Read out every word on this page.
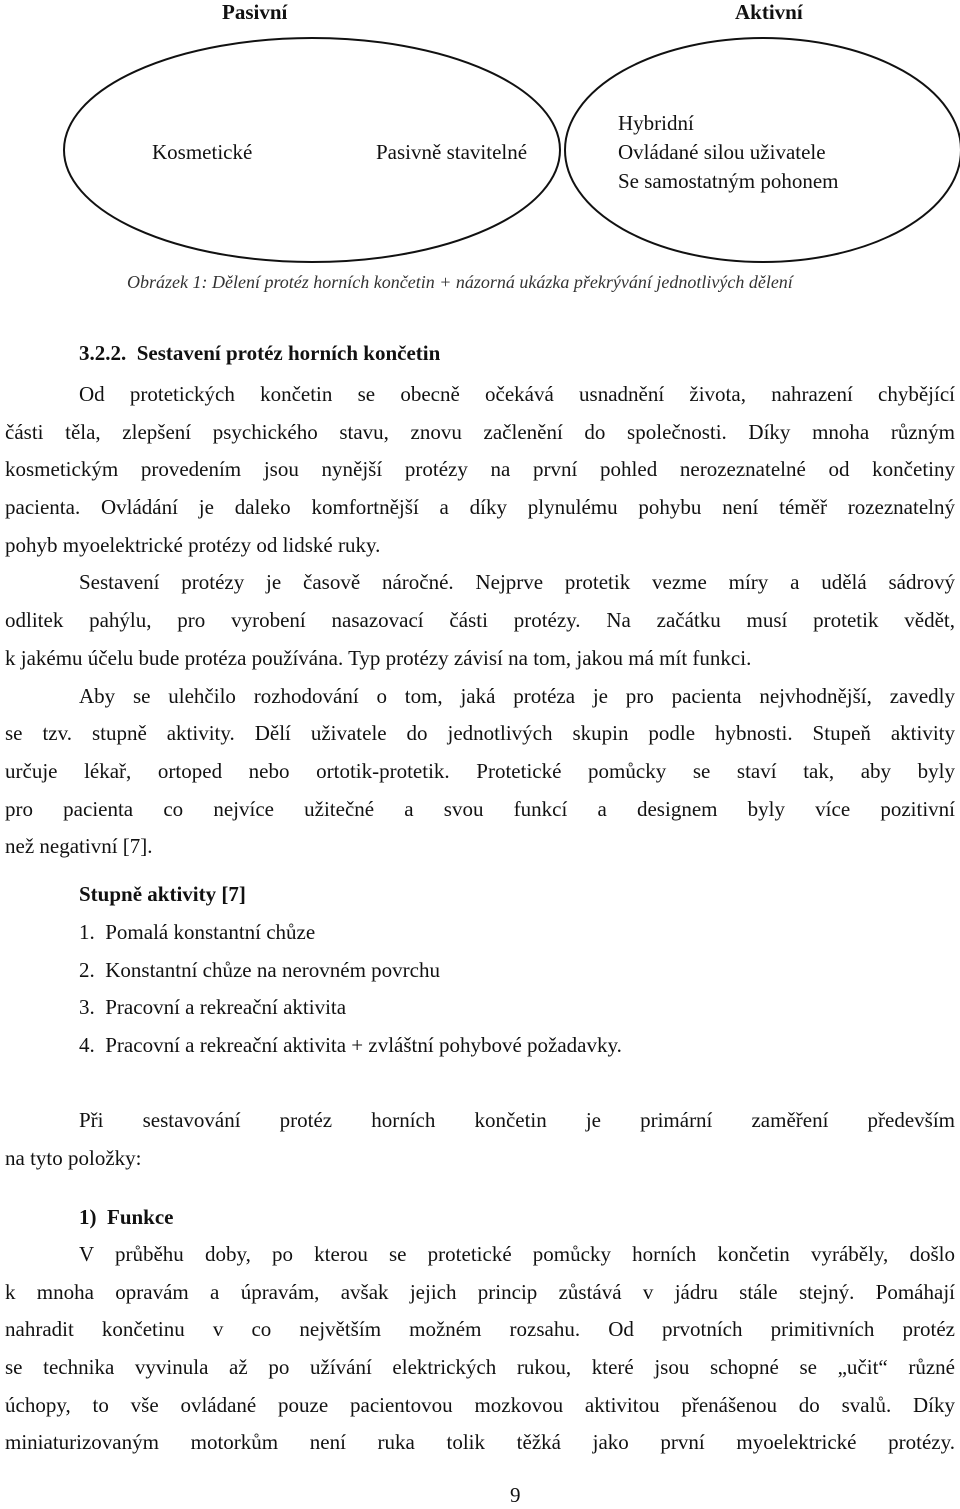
Pasivní	Aktivní
Kosmetické	Pasivně stavitelné
Hybridní
Ovládané silou uživatele
Se samostatným pohonem
Obrázek 1: Dělení protéz horních končetin + názorná ukázka překrývání jednotlivých dělení
3.2.2.  Sestavení protéz horních končetin
Od protetických končetin se obecně očekává usnadnění života, nahrazení chybějící
části těla, zlepšení psychického stavu, znovu začlenění do společnosti. Díky mnoha různým
kosmetickým provedením jsou nynější protézy na první pohled nerozeznatelné od končetiny
pacienta. Ovládání je daleko komfortnější a díky plynulému pohybu není téměř rozeznatelný
pohyb myoelektrické protézy od lidské ruky.
Sestavení protézy je časově náročné. Nejprve protetik vezme míry a udělá sádrový
odlitek pahýlu, pro vyrobení nasazovací části protézy. Na začátku musí protetik vědět,
k jakému účelu bude protéza používána. Typ protézy závisí na tom, jakou má mít funkci.
Aby se ulehčilo rozhodování o tom, jaká protéza je pro pacienta nejvhodnější, zavedly
se tzv. stupně aktivity. Dělí uživatele do jednotlivých skupin podle hybnosti. Stupeň aktivity
určuje lékař, ortoped nebo ortotik-protetik. Protetické pomůcky se staví tak, aby byly
pro pacienta co nejvíce užitečné a svou funkcí a designem byly více pozitivní
než negativní [7].
Stupně aktivity [7]
1.  Pomalá konstantní chůze
2.  Konstantní chůze na nerovném povrchu
3.  Pracovní a rekreační aktivita
4.  Pracovní a rekreační aktivita + zvláštní pohybové požadavky.
Při sestavování protéz horních končetin je primární zaměření především
na tyto položky:
1)  Funkce
V průběhu doby, po kterou se protetické pomůcky horních končetin vyráběly, došlo
k mnoha opravám a úpravám, avšak jejich princip zůstává v jádru stále stejný. Pomáhají
nahradit končetinu v co největším možném rozsahu. Od prvotních primitivních protéz
se technika vyvinula až po užívání elektrických rukou, které jsou schopné se „učit“ různé
úchopy, to vše ovládané pouze pacientovou mozkovou aktivitou přenášenou do svalů. Díky
miniaturizovaným motorkům není ruka tolik těžká jako první myoelektrické protézy.
9
